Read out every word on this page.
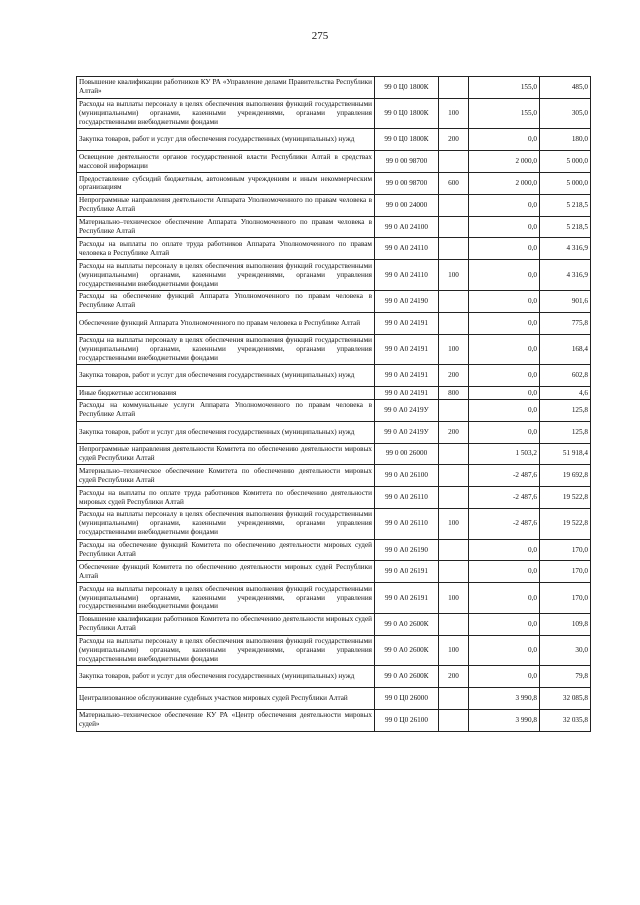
275
Повышение квалификации работников КУ РА «Управление делами Правительства Республики Алтай»	99 0 Ц0 1800К		155,0	485,0
Расходы на выплаты персоналу в целях обеспечения выполнения функций государственными (муниципальными) органами, казенными учреждениями, органами управления государственными внебюджетными фондами	99 0 Ц0 1800К	100	155,0	305,0
Закупка товаров, работ и услуг для обеспечения государственных (муниципальных) нужд	99 0 Ц0 1800К	200	0,0	180,0
Освещение деятельности органов государственной власти Республики Алтай в средствах массовой информации	99 0 00 98700		2 000,0	5 000,0
Предоставление субсидий бюджетным, автономным учреждениям и иным некоммерческим организациям	99 0 00 98700	600	2 000,0	5 000,0
Непрограммные направления деятельности Аппарата Уполномоченного по правам человека в Республике Алтай	99 0 00 24000		0,0	5 218,5
Материально–техническое обеспечение Аппарата Уполномоченного по правам человека в Республике Алтай	99 0 А0 24100		0,0	5 218,5
Расходы на выплаты по оплате труда работников Аппарата Уполномоченного по правам человека в Республике Алтай	99 0 А0 24110		0,0	4 316,9
Расходы на выплаты персоналу в целях обеспечения выполнения функций государственными (муниципальными) органами, казенными учреждениями, органами управления государственными внебюджетными фондами	99 0 А0 24110	100	0,0	4 316,9
Расходы на обеспечение функций Аппарата Уполномоченного по правам человека в Республике Алтай	99 0 А0 24190		0,0	901,6
Обеспечение функций Аппарата Уполномоченного по правам человека в Республике Алтай	99 0 А0 24191		0,0	775,8
Расходы на выплаты персоналу в целях обеспечения выполнения функций государственными (муниципальными) органами, казенными учреждениями, органами управления государственными внебюджетными фондами	99 0 А0 24191	100	0,0	168,4
Закупка товаров, работ и услуг для обеспечения государственных (муниципальных) нужд	99 0 А0 24191	200	0,0	602,8
Иные бюджетные ассигнования	99 0 А0 24191	800	0,0	4,6
Расходы на коммунальные услуги Аппарата Уполномоченного по правам человека в Республике Алтай	99 0 А0 2419У		0,0	125,8
Закупка товаров, работ и услуг для обеспечения государственных (муниципальных) нужд	99 0 А0 2419У	200	0,0	125,8
Непрограммные направления деятельности Комитета по обеспечению деятельности мировых судей Республики Алтай	99 0 00 26000		1 503,2	51 918,4
Материально–техническое обеспечение Комитета по обеспечению деятельности мировых судей Республики Алтай	99 0 А0 26100		-2 487,6	19 692,8
Расходы на выплаты по оплате труда работников Комитета по обеспечению деятельности мировых судей Республики Алтай	99 0 А0 26110		-2 487,6	19 522,8
Расходы на выплаты персоналу в целях обеспечения выполнения функций государственными (муниципальными) органами, казенными учреждениями, органами управления государственными внебюджетными фондами	99 0 А0 26110	100	-2 487,6	19 522,8
Расходы на обеспечение функций Комитета по обеспечению деятельности мировых судей Республики Алтай	99 0 А0 26190		0,0	170,0
Обеспечение функций Комитета по обеспечению деятельности мировых судей Республики Алтай	99 0 А0 26191		0,0	170,0
Расходы на выплаты персоналу в целях обеспечения выполнения функций государственными (муниципальными) органами, казенными учреждениями, органами управления государственными внебюджетными фондами	99 0 А0 26191	100	0,0	170,0
Повышение квалификации работников Комитета по обеспечению деятельности мировых судей Республики Алтай	99 0 А0 2600К		0,0	109,8
Расходы на выплаты персоналу в целях обеспечения выполнения функций государственными (муниципальными) органами, казенными учреждениями, органами управления государственными внебюджетными фондами	99 0 А0 2600К	100	0,0	30,0
Закупка товаров, работ и услуг для обеспечения государственных (муниципальных) нужд	99 0 А0 2600К	200	0,0	79,8
Централизованное обслуживание судебных участков мировых судей Республики Алтай	99 0 Ц0 26000		3 990,8	32 085,8
Материально–техническое обеспечение КУ РА «Центр обеспечения деятельности мировых судей»	99 0 Ц0 26100		3 990,8	32 035,8
